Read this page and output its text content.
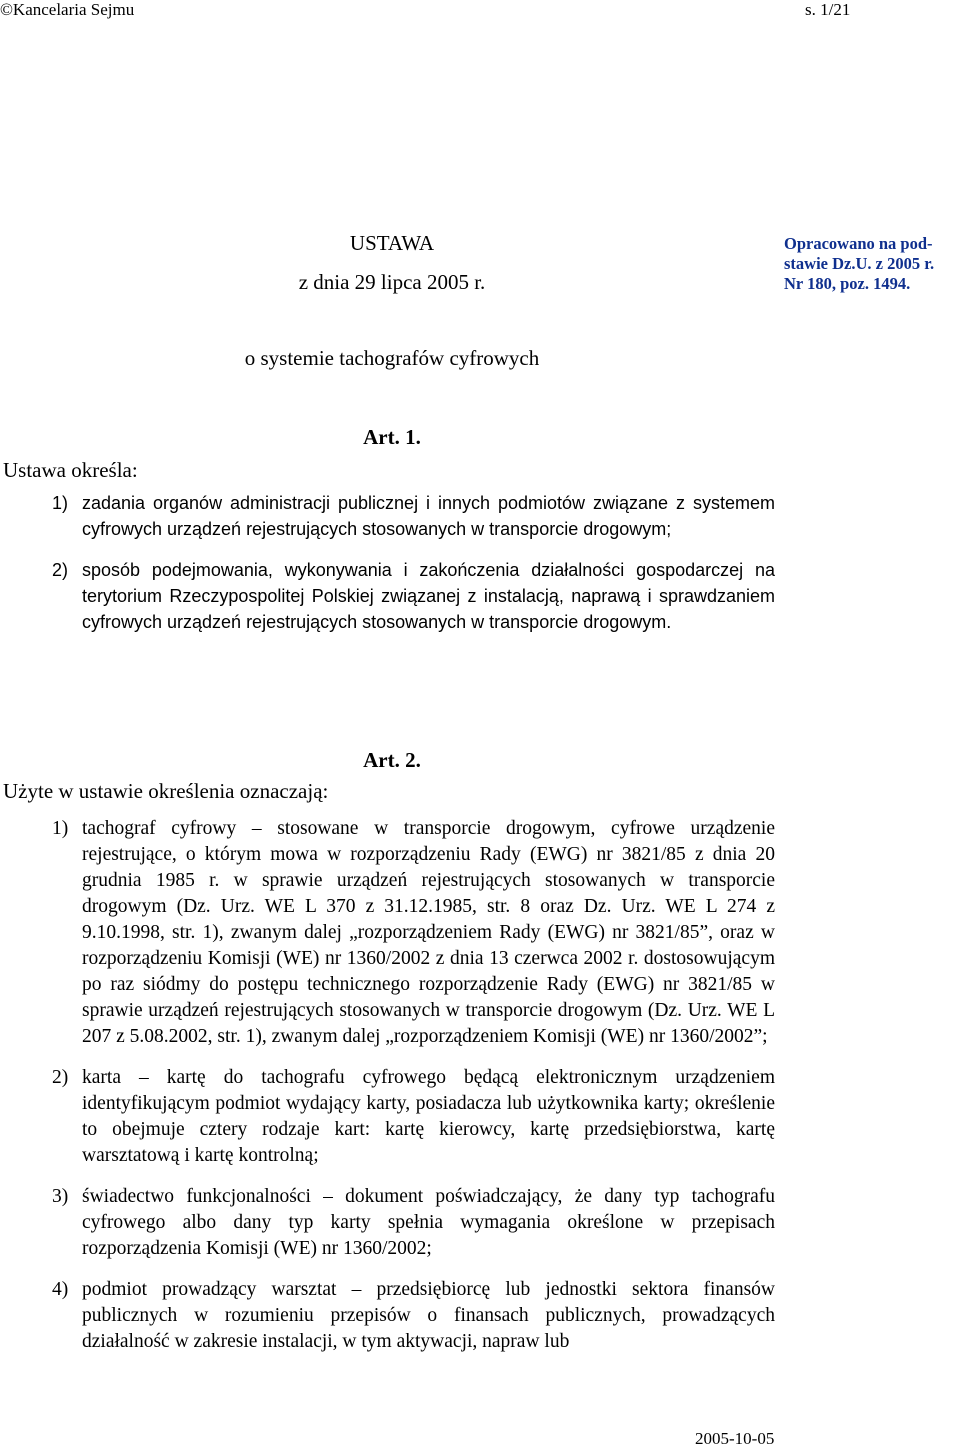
©Kancelaria Sejmu	s. 1/21
USTAWA
z dnia 29 lipca 2005 r.
o systemie tachografów cyfrowych
Opracowano na pod-
stawie Dz.U. z 2005 r.
Nr 180, poz. 1494.
Art. 1.
Ustawa określa:
1) zadania organów administracji publicznej i innych podmiotów związane z systemem cyfrowych urządzeń rejestrujących stosowanych w transporcie drogowym;
2) sposób podejmowania, wykonywania i zakończenia działalności gospodarczej na terytorium Rzeczypospolitej Polskiej związanej z instalacją, naprawą i sprawdzaniem cyfrowych urządzeń rejestrujących stosowanych w transporcie drogowym.
Art. 2.
Użyte w ustawie określenia oznaczają:
1) tachograf cyfrowy – stosowane w transporcie drogowym, cyfrowe urządzenie rejestrujące, o którym mowa w rozporządzeniu Rady (EWG) nr 3821/85 z dnia 20 grudnia 1985 r. w sprawie urządzeń rejestrujących stosowanych w transporcie drogowym (Dz. Urz. WE L 370 z 31.12.1985, str. 8 oraz Dz. Urz. WE L 274 z 9.10.1998, str. 1), zwanym dalej „rozporządzeniem Rady (EWG) nr 3821/85”, oraz w rozporządzeniu Komisji (WE) nr 1360/2002 z dnia 13 czerwca 2002 r. dostosowującym po raz siódmy do postępu technicznego rozporządzenie Rady (EWG) nr 3821/85 w sprawie urządzeń rejestrujących stosowanych w transporcie drogowym (Dz. Urz. WE L 207 z 5.08.2002, str. 1), zwanym dalej „rozporządzeniem Komisji (WE) nr 1360/2002”;
2) karta – kartę do tachografu cyfrowego będącą elektronicznym urządzeniem identyfikującym podmiot wydający karty, posiadacza lub użytkownika karty; określenie to obejmuje cztery rodzaje kart: kartę kierowcy, kartę przedsiębiorstwa, kartę warsztatową i kartę kontrolną;
3) świadectwo funkcjonalności – dokument poświadczający, że dany typ tachografu cyfrowego albo dany typ karty spełnia wymagania określone w przepisach rozporządzenia Komisji (WE) nr 1360/2002;
4) podmiot prowadzący warsztat – przedsiębiorcę lub jednostki sektora finansów publicznych w rozumieniu przepisów o finansach publicznych, prowadzących działalność w zakresie instalacji, w tym aktywacji, napraw lub
2005-10-05
